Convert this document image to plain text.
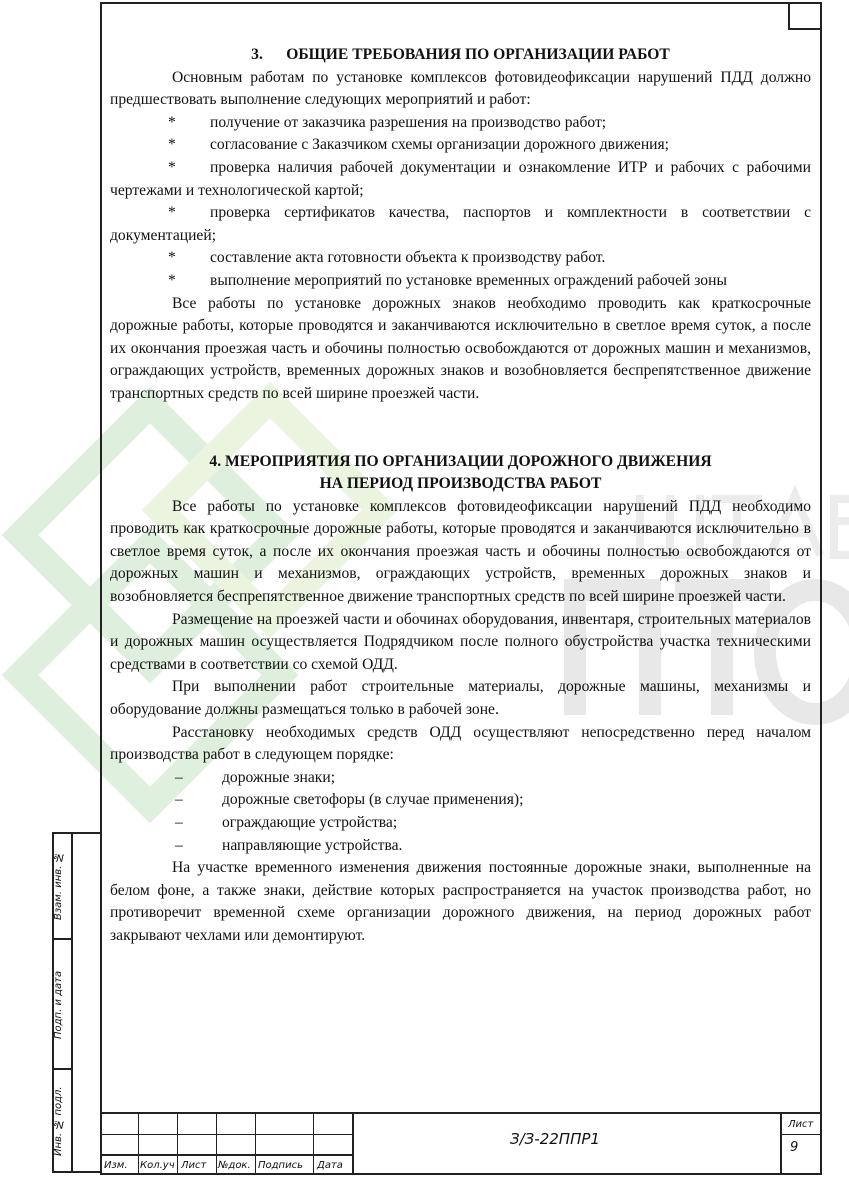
3.      ОБЩИЕ ТРЕБОВАНИЯ ПО ОРГАНИЗАЦИИ РАБОТ

Основным работам по установке комплексов фотовидеофиксации нарушений ПДД должно предшествовать выполнение следующих мероприятий и работ:

* получение от заказчика разрешения на производство работ;
* согласование с Заказчиком схемы организации дорожного движения;
* проверка наличия рабочей документации и ознакомление ИТР и рабочих с рабочими чертежами и технологической картой;
* проверка сертификатов качества, паспортов и комплектности в соответствии с документацией;
* составление акта готовности объекта к производству работ.
* выполнение мероприятий по установке временных ограждений рабочей зоны

Все работы по установке дорожных знаков необходимо проводить как краткосрочные дорожные работы, которые проводятся и заканчиваются исключительно в светлое время суток, а после их окончания проезжая часть и обочины полностью освобождаются от дорожных машин и механизмов, ограждающих устройств, временных дорожных знаков и возобновляется беспрепятственное движение транспортных средств по всей ширине проезжей части.

4. МЕРОПРИЯТИЯ ПО ОРГАНИЗАЦИИ ДОРОЖНОГО ДВИЖЕНИЯ

НА ПЕРИОД ПРОИЗВОДСТВА РАБОТ

Все работы по установке комплексов фотовидеофиксации нарушений ПДД необходимо проводить как краткосрочные дорожные работы, которые проводятся и заканчиваются исключительно в светлое время суток, а после их окончания проезжая часть и обочины полностью освобождаются от дорожных машин и механизмов, ограждающих устройств, временных дорожных знаков и возобновляется беспрепятственное движение транспортных средств по всей ширине проезжей части.

Размещение на проезжей части и обочинах оборудования, инвентаря, строительных материалов и дорожных машин осуществляется Подрядчиком после полного обустройства участка техническими средствами в соответствии со схемой ОДД.

При выполнении работ строительные материалы, дорожные машины, механизмы и оборудование должны размещаться только в рабочей зоне.

Расстановку необходимых средств ОДД осуществляют непосредственно перед началом производства работ в следующем порядке:

–	дорожные знаки;
–	дорожные светофоры (в случае применения);
–	ограждающие устройства;
–	направляющие устройства.

На участке временного изменения движения постоянные дорожные знаки, выполненные на белом фоне, а также знаки, действие которых распространяется на участок производства работ, но противоречит временной схеме организации дорожного движения, на период дорожных работ закрывают чехлами или демонтируют.

Взам. инв. №
Подп. и дата
Инв. № подл.
Изм. Кол.уч Лист №док. Подпись Дата
З/З-22ППР1
Лист
9
